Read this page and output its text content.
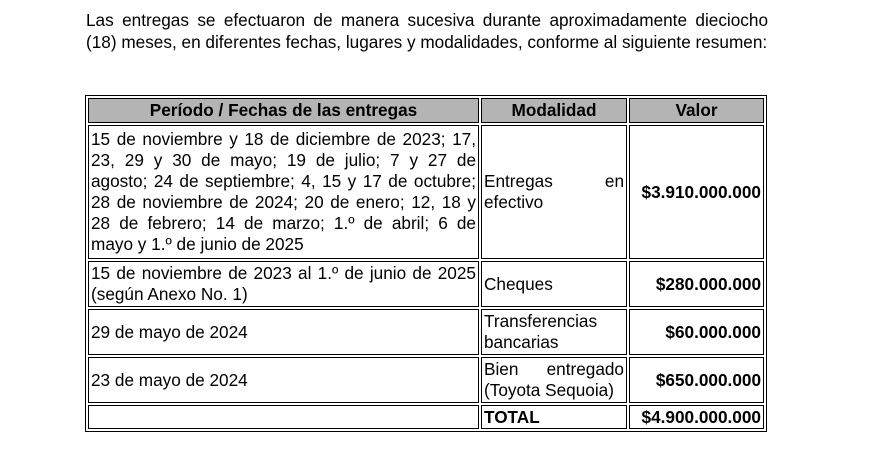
Las entregas se efectuaron de manera sucesiva durante aproximadamente dieciocho (18) meses, en diferentes fechas, lugares y modalidades, conforme al siguiente resumen:

Período / Fechas de las entregas	Modalidad	Valor
15 de noviembre y 18 de diciembre de 2023; 17, 23, 29 y 30 de mayo; 19 de julio; 7 y 27 de agosto; 24 de septiembre; 4, 15 y 17 de octubre; 28 de noviembre de 2024; 20 de enero; 12, 18 y 28 de febrero; 14 de marzo; 1.º de abril; 6 de mayo y 1.º de junio de 2025	Entregas en efectivo	$3.910.000.000
15 de noviembre de 2023 al 1.º de junio de 2025 (según Anexo No. 1)	Cheques	$280.000.000
29 de mayo de 2024	Transferencias bancarias	$60.000.000
23 de mayo de 2024	Bien entregado (Toyota Sequoia)	$650.000.000
	TOTAL	$4.900.000.000
